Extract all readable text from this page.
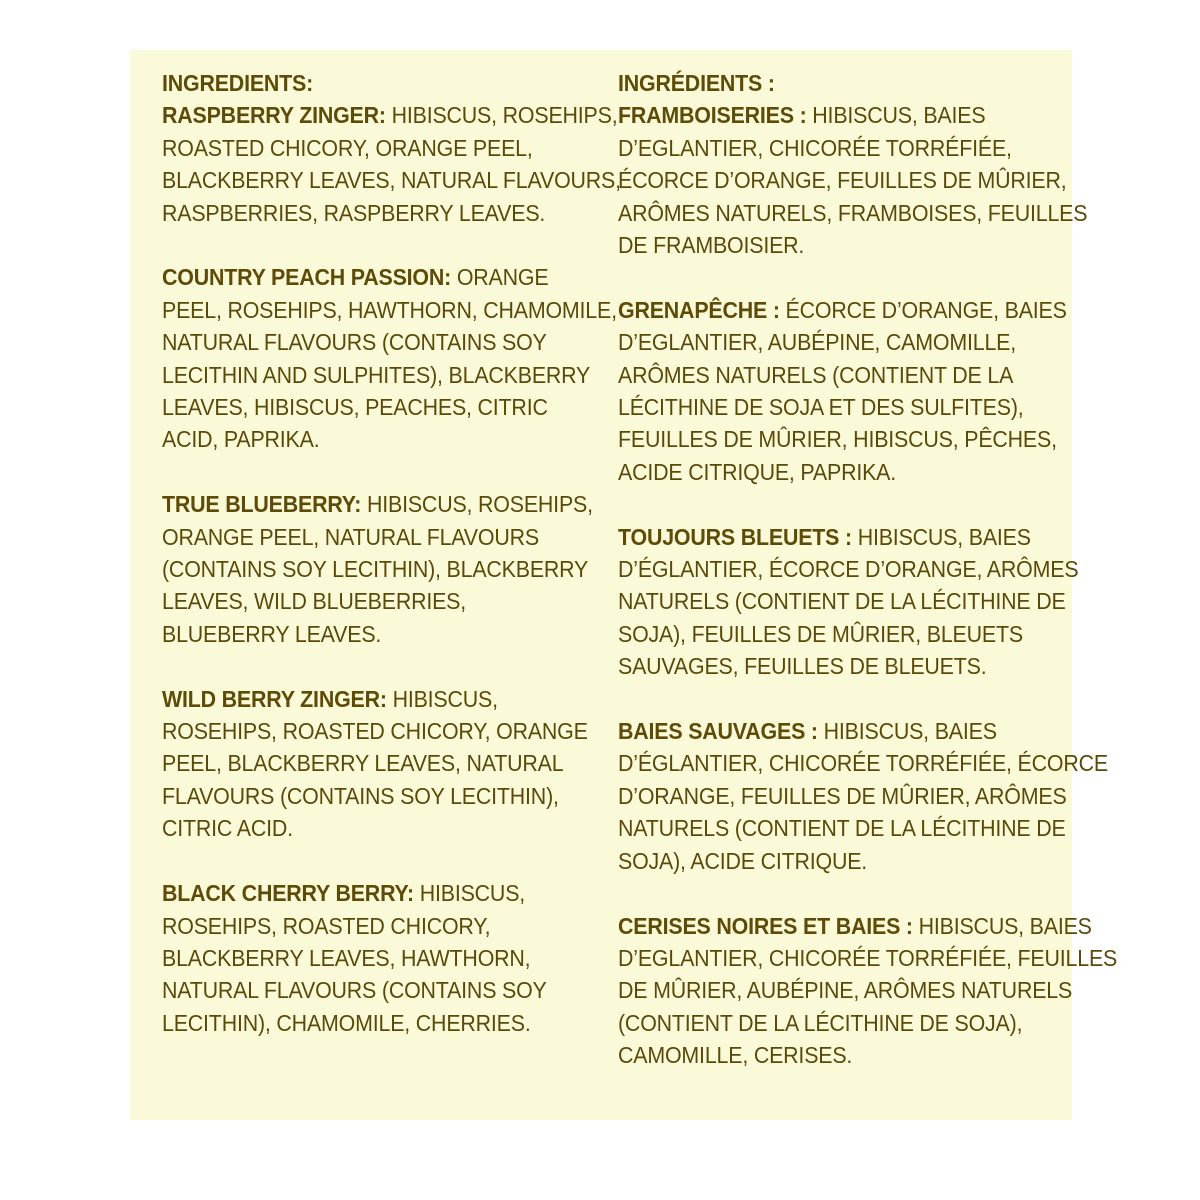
INGREDIENTS:
RASPBERRY ZINGER: HIBISCUS, ROSEHIPS,
ROASTED CHICORY, ORANGE PEEL,
BLACKBERRY LEAVES, NATURAL FLAVOURS,
RASPBERRIES, RASPBERRY LEAVES.
COUNTRY PEACH PASSION: ORANGE
PEEL, ROSEHIPS, HAWTHORN, CHAMOMILE,
NATURAL FLAVOURS (CONTAINS SOY
LECITHIN AND SULPHITES), BLACKBERRY
LEAVES, HIBISCUS, PEACHES, CITRIC
ACID, PAPRIKA.
TRUE BLUEBERRY: HIBISCUS, ROSEHIPS,
ORANGE PEEL, NATURAL FLAVOURS
(CONTAINS SOY LECITHIN), BLACKBERRY
LEAVES, WILD BLUEBERRIES,
BLUEBERRY LEAVES.
WILD BERRY ZINGER: HIBISCUS,
ROSEHIPS, ROASTED CHICORY, ORANGE
PEEL, BLACKBERRY LEAVES, NATURAL
FLAVOURS (CONTAINS SOY LECITHIN),
CITRIC ACID.
BLACK CHERRY BERRY: HIBISCUS,
ROSEHIPS, ROASTED CHICORY,
BLACKBERRY LEAVES, HAWTHORN,
NATURAL FLAVOURS (CONTAINS SOY
LECITHIN), CHAMOMILE, CHERRIES.
INGRÉDIENTS :
FRAMBOISERIES : HIBISCUS, BAIES
D’EGLANTIER, CHICORÉE TORRÉFIÉE,
ÉCORCE D’ORANGE, FEUILLES DE MÛRIER,
ARÔMES NATURELS, FRAMBOISES, FEUILLES
DE FRAMBOISIER.
GRENAPÊCHE : ÉCORCE D’ORANGE, BAIES
D’EGLANTIER, AUBÉPINE, CAMOMILLE,
ARÔMES NATURELS (CONTIENT DE LA
LÉCITHINE DE SOJA ET DES SULFITES),
FEUILLES DE MÛRIER, HIBISCUS, PÊCHES,
ACIDE CITRIQUE, PAPRIKA.
TOUJOURS BLEUETS : HIBISCUS, BAIES
D’ÉGLANTIER, ÉCORCE D’ORANGE, ARÔMES
NATURELS (CONTIENT DE LA LÉCITHINE DE
SOJA), FEUILLES DE MÛRIER, BLEUETS
SAUVAGES, FEUILLES DE BLEUETS.
BAIES SAUVAGES : HIBISCUS, BAIES
D’ÉGLANTIER, CHICORÉE TORRÉFIÉE, ÉCORCE
D’ORANGE, FEUILLES DE MÛRIER, ARÔMES
NATURELS (CONTIENT DE LA LÉCITHINE DE
SOJA), ACIDE CITRIQUE.
CERISES NOIRES ET BAIES : HIBISCUS, BAIES
D’EGLANTIER, CHICORÉE TORRÉFIÉE, FEUILLES
DE MÛRIER, AUBÉPINE, ARÔMES NATURELS
(CONTIENT DE LA LÉCITHINE DE SOJA),
CAMOMILLE, CERISES.
